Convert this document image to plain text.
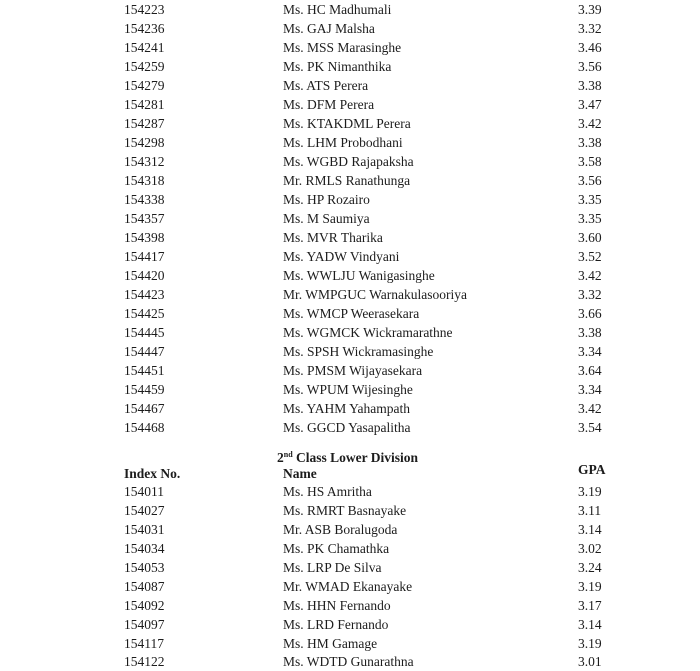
154223	Ms. HC Madhumali	3.39
154236	Ms. GAJ Malsha	3.32
154241	Ms. MSS Marasinghe	3.46
154259	Ms. PK Nimanthika	3.56
154279	Ms. ATS Perera	3.38
154281	Ms. DFM Perera	3.47
154287	Ms. KTAKDML Perera	3.42
154298	Ms. LHM Probodhani	3.38
154312	Ms. WGBD Rajapaksha	3.58
154318	Mr. RMLS Ranathunga	3.56
154338	Ms. HP Rozairo	3.35
154357	Ms. M Saumiya	3.35
154398	Ms. MVR Tharika	3.60
154417	Ms. YADW Vindyani	3.52
154420	Ms. WWLJU Wanigasinghe	3.42
154423	Mr. WMPGUC Warnakulasooriya	3.32
154425	Ms. WMCP Weerasekara	3.66
154445	Ms. WGMCK Wickramarathne	3.38
154447	Ms. SPSH Wickramasinghe	3.34
154451	Ms. PMSM Wijayasekara	3.64
154459	Ms. WPUM Wijesinghe	3.34
154467	Ms. YAHM Yahampath	3.42
154468	Ms. GGCD Yasapalitha	3.54
2nd Class Lower Division
Index No.	Name	GPA
154011	Ms. HS Amritha	3.19
154027	Ms. RMRT Basnayake	3.11
154031	Mr. ASB Boralugoda	3.14
154034	Ms. PK Chamathka	3.02
154053	Ms. LRP De Silva	3.24
154087	Mr. WMAD Ekanayake	3.19
154092	Ms. HHN Fernando	3.17
154097	Ms. LRD Fernando	3.14
154117	Ms. HM Gamage	3.19
154122	Ms. WDTD Gunarathna	3.01
